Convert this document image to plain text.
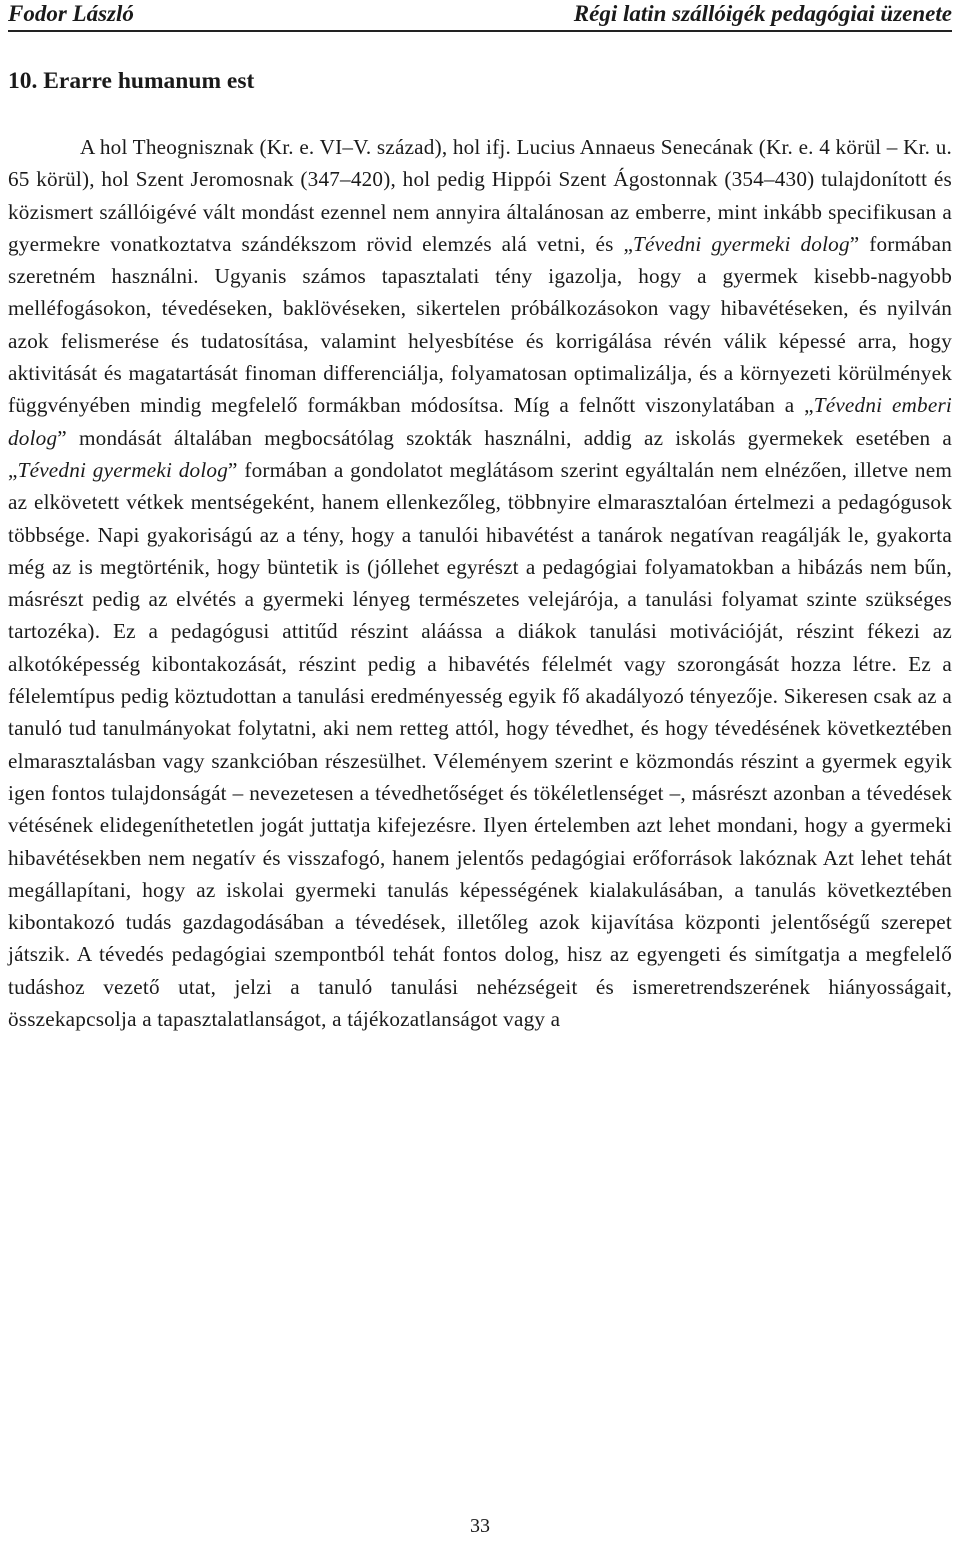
Fodor László	Régi latin szállóigék pedagógiai üzenete
10. Erarre humanum est

A hol Theognisznak (Kr. e. VI–V. század), hol ifj. Lucius Annaeus Senecának (Kr. e. 4 körül – Kr. u. 65 körül), hol Szent Jeromosnak (347–420), hol pedig Hippói Szent Ágostonnak (354–430) tulajdonított és közismert szállóigévé vált mondást ezennel nem annyira általánosan az emberre, mint inkább specifikusan a gyermekre vonatkoztatva szándékszom rövid elemzés alá vetni, és „Tévedni gyermeki dolog” formában szeretném használni. Ugyanis számos tapasztalati tény igazolja, hogy a gyermek kisebb-nagyobb melléfogásokon, tévedéseken, baklövéseken, sikertelen próbálkozásokon vagy hibavétéseken, és nyilván azok felismerése és tudatosítása, valamint helyesbítése és korrigálása révén válik képessé arra, hogy aktivitását és magatartását finoman differenciálja, folyamatosan optimalizálja, és a környezeti körülmények függvényében mindig megfelelő formákban módosítsa. Míg a felnőtt viszonylatában a „Tévedni emberi dolog” mondását általában megbocsátólag szokták használni, addig az iskolás gyermekek esetében a „Tévedni gyermeki dolog” formában a gondolatot meglátásom szerint egyáltalán nem elnézően, illetve nem az elkövetett vétkek mentségeként, hanem ellenkezőleg, többnyire elmarasztalóan értelmezi a pedagógusok többsége. Napi gyakoriságú az a tény, hogy a tanulói hibavétést a tanárok negatívan reagálják le, gyakorta még az is megtörténik, hogy büntetik is (jóllehet egyrészt a pedagógiai folyamatokban a hibázás nem bűn, másrészt pedig az elvétés a gyermeki lényeg természetes velejárója, a tanulási folyamat szinte szükséges tartozéka). Ez a pedagógusi attitűd részint aláássa a diákok tanulási motivációját, részint fékezi az alkotóképesség kibontakozását, részint pedig a hibavétés félelmét vagy szorongását hozza létre. Ez a félelemtípus pedig köztudottan a tanulási eredményesség egyik fő akadályozó tényezője. Sikeresen csak az a tanuló tud tanulmányokat folytatni, aki nem retteg attól, hogy tévedhet, és hogy tévedésének következtében elmarasztalásban vagy szankcióban részesülhet. Véleményem szerint e közmondás részint a gyermek egyik igen fontos tulajdonságát – nevezetesen a tévedhetőséget és tökéletlenséget –, másrészt azonban a tévedések vétésének elidegeníthetetlen jogát juttatja kifejezésre. Ilyen értelemben azt lehet mondani, hogy a gyermeki hibavétésekben nem negatív és visszafogó, hanem jelentős pedagógiai erőforrások lakóznak Azt lehet tehát megállapítani, hogy az iskolai gyermeki tanulás képességének kialakulásában, a tanulás következtében kibontakozó tudás gazdagodásában a tévedések, illetőleg azok kijavítása központi jelentőségű szerepet játszik. A tévedés pedagógiai szempontból tehát fontos dolog, hisz az egyengeti és simítgatja a megfelelő tudáshoz vezető utat, jelzi a tanuló tanulási nehézségeit és ismeretrendszerének hiányosságait, összekapcsolja a tapasztalatlanságot, a tájékozatlanságot vagy a

33
